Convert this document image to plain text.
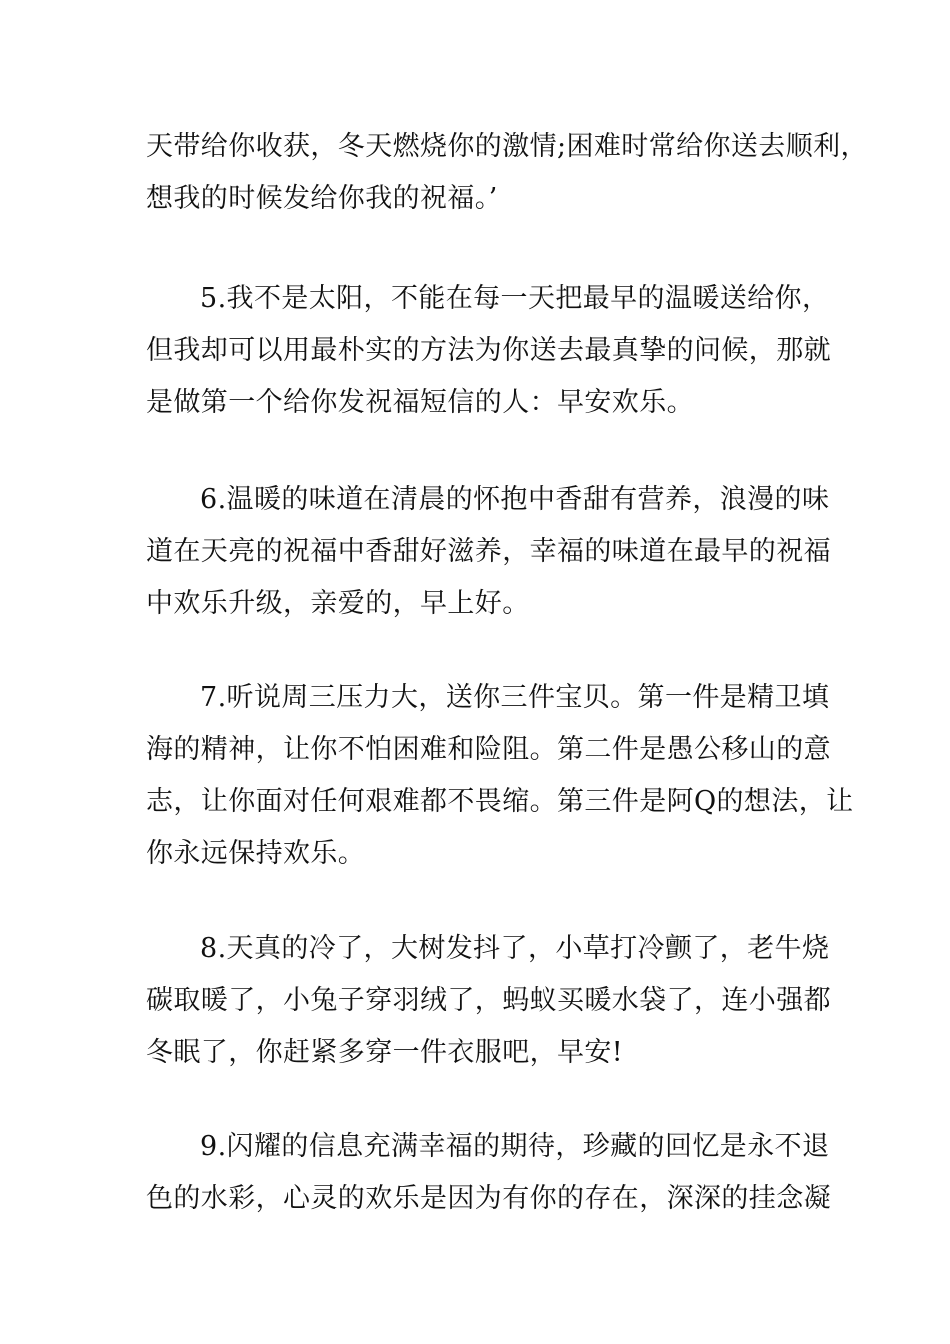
天带给你收获，冬天燃烧你的激情;困难时常给你送去顺利，
想我的时候发给你我的祝福。’
5.我不是太阳，不能在每一天把最早的温暖送给你，
但我却可以用最朴实的方法为你送去最真挚的问候，那就
是做第一个给你发祝福短信的人：早安欢乐。
6.温暖的味道在清晨的怀抱中香甜有营养，浪漫的味
道在天亮的祝福中香甜好滋养，幸福的味道在最早的祝福
中欢乐升级，亲爱的，早上好。
7.听说周三压力大，送你三件宝贝。第一件是精卫填
海的精神，让你不怕困难和险阻。第二件是愚公移山的意
志，让你面对任何艰难都不畏缩。第三件是阿Q的想法，让
你永远保持欢乐。
8.天真的冷了，大树发抖了，小草打冷颤了，老牛烧
碳取暖了，小兔子穿羽绒了，蚂蚁买暖水袋了，连小强都
冬眠了，你赶紧多穿一件衣服吧，早安!
9.闪耀的信息充满幸福的期待，珍藏的回忆是永不退
色的水彩，心灵的欢乐是因为有你的存在，深深的挂念凝
